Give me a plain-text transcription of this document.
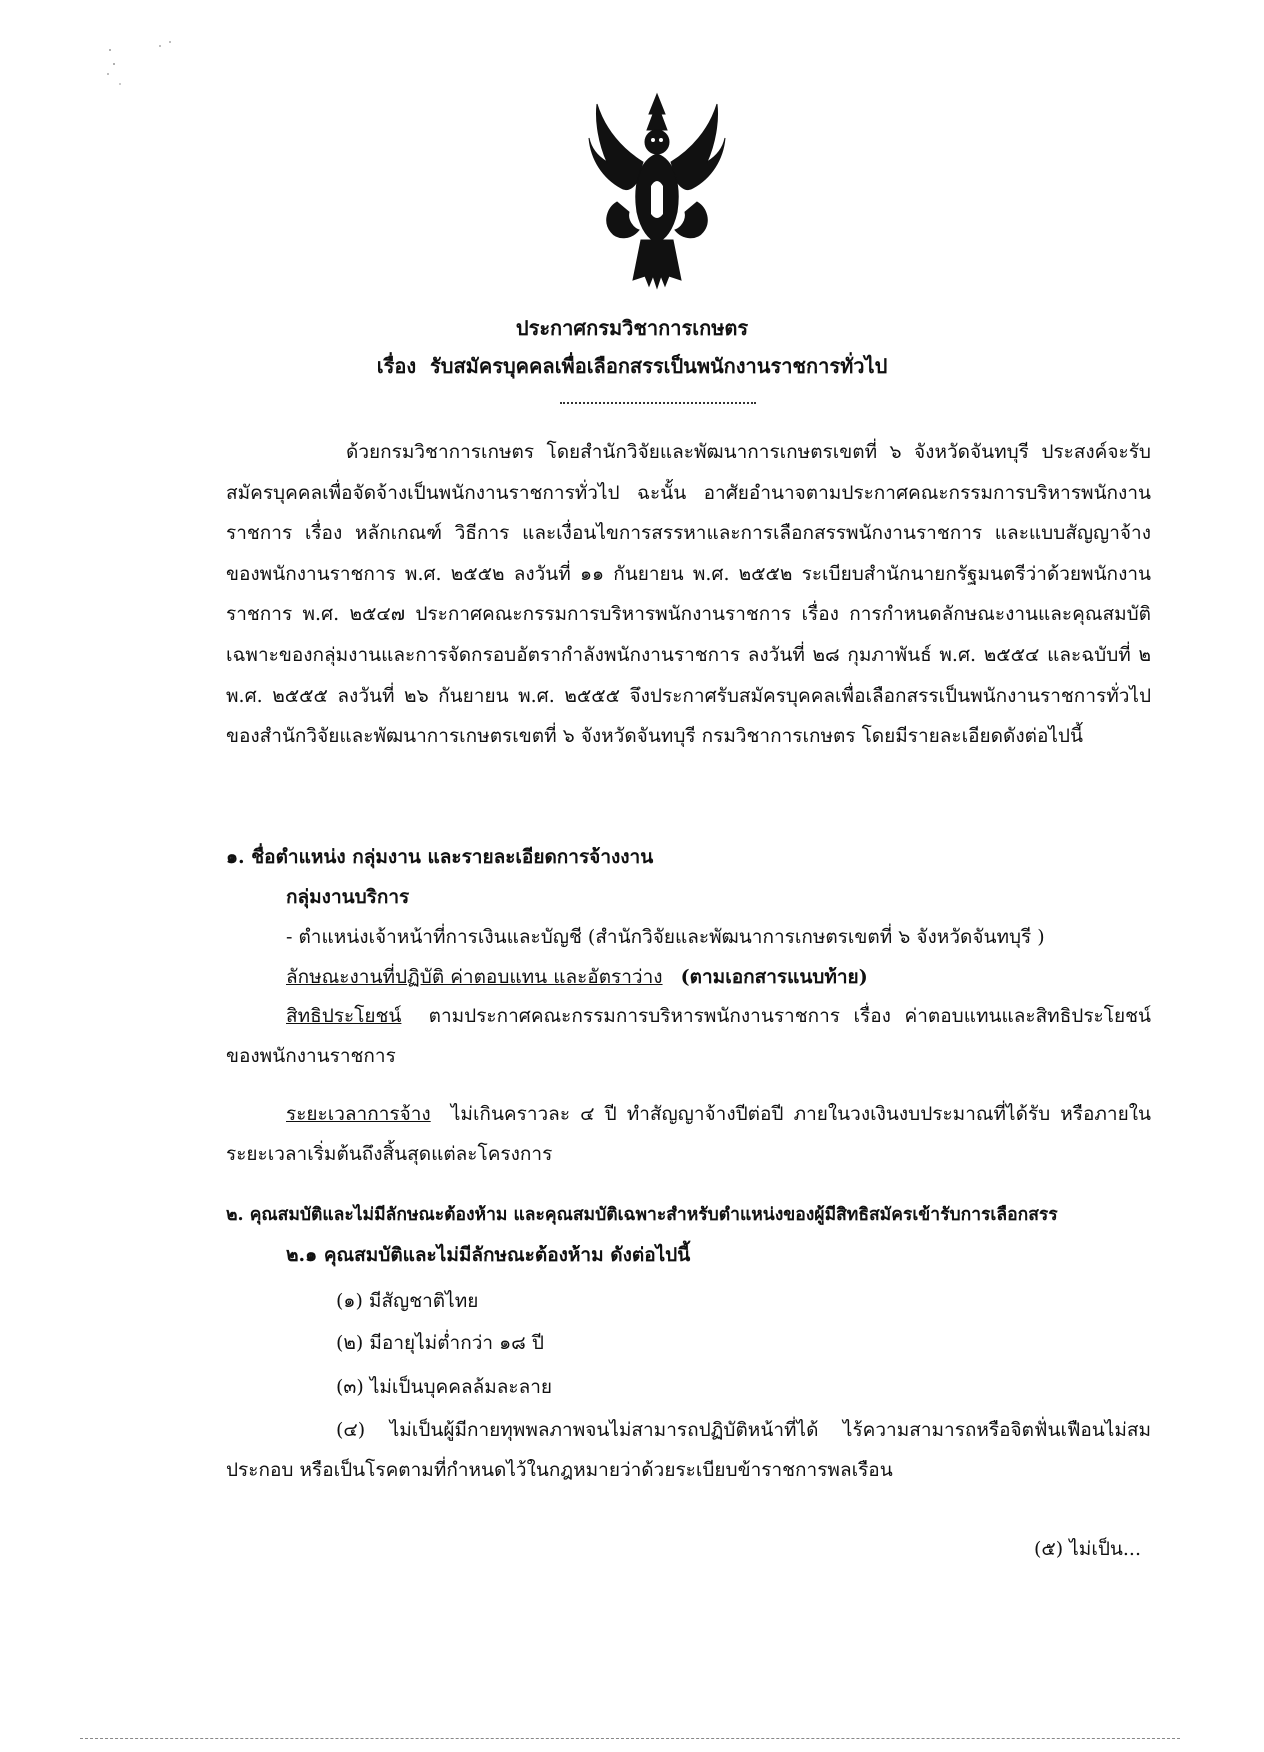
ประกาศกรมวิชาการเกษตร
เรื่อง รับสมัครบุคคลเพื่อเลือกสรรเป็นพนักงานราชการทั่วไป

ด้วยกรมวิชาการเกษตร โดยสำนักวิจัยและพัฒนาการเกษตรเขตที่ ๖ จังหวัดจันทบุรี ประสงค์จะรับสมัครบุคคลเพื่อจัดจ้างเป็นพนักงานราชการทั่วไป ฉะนั้น อาศัยอำนาจตามประกาศคณะกรรมการบริหารพนักงานราชการ เรื่อง หลักเกณฑ์ วิธีการ และเงื่อนไขการสรรหาและการเลือกสรรพนักงานราชการ และแบบสัญญาจ้างของพนักงานราชการ พ.ศ. ๒๕๕๒ ลงวันที่ ๑๑ กันยายน พ.ศ. ๒๕๕๒ ระเบียบสำนักนายกรัฐมนตรีว่าด้วยพนักงานราชการ พ.ศ. ๒๕๔๗ ประกาศคณะกรรมการบริหารพนักงานราชการ เรื่อง การกำหนดลักษณะงานและคุณสมบัติเฉพาะของกลุ่มงานและการจัดกรอบอัตรากำลังพนักงานราชการ ลงวันที่ ๒๘ กุมภาพันธ์ พ.ศ. ๒๕๕๔ และฉบับที่ ๒ พ.ศ. ๒๕๕๕ ลงวันที่ ๒๖ กันยายน พ.ศ. ๒๕๕๕ จึงประกาศรับสมัครบุคคลเพื่อเลือกสรรเป็นพนักงานราชการทั่วไป ของสำนักวิจัยและพัฒนาการเกษตรเขตที่ ๖ จังหวัดจันทบุรี กรมวิชาการเกษตร โดยมีรายละเอียดดังต่อไปนี้

๑. ชื่อตำแหน่ง กลุ่มงาน และรายละเอียดการจ้างงาน
กลุ่มงานบริการ
- ตำแหน่งเจ้าหน้าที่การเงินและบัญชี (สำนักวิจัยและพัฒนาการเกษตรเขตที่ ๖ จังหวัดจันทบุรี )
ลักษณะงานที่ปฏิบัติ ค่าตอบแทน และอัตราว่าง (ตามเอกสารแนบท้าย)

สิทธิประโยชน์ ตามประกาศคณะกรรมการบริหารพนักงานราชการ เรื่อง ค่าตอบแทนและสิทธิประโยชน์ของพนักงานราชการ

ระยะเวลาการจ้าง ไม่เกินคราวละ ๔ ปี ทำสัญญาจ้างปีต่อปี ภายในวงเงินงบประมาณที่ได้รับ หรือภายในระยะเวลาเริ่มต้นถึงสิ้นสุดแต่ละโครงการ

๒. คุณสมบัติและไม่มีลักษณะต้องห้าม และคุณสมบัติเฉพาะสำหรับตำแหน่งของผู้มีสิทธิสมัครเข้ารับการเลือกสรร
๒.๑ คุณสมบัติและไม่มีลักษณะต้องห้าม ดังต่อไปนี้
(๑) มีสัญชาติไทย
(๒) มีอายุไม่ต่ำกว่า ๑๘ ปี
(๓) ไม่เป็นบุคคลล้มละลาย

(๔) ไม่เป็นผู้มีกายทุพพลภาพจนไม่สามารถปฏิบัติหน้าที่ได้ ไร้ความสามารถหรือจิตฟั่นเฟือนไม่สมประกอบ หรือเป็นโรคตามที่กำหนดไว้ในกฎหมายว่าด้วยระเบียบข้าราชการพลเรือน

(๕) ไม่เป็น...
